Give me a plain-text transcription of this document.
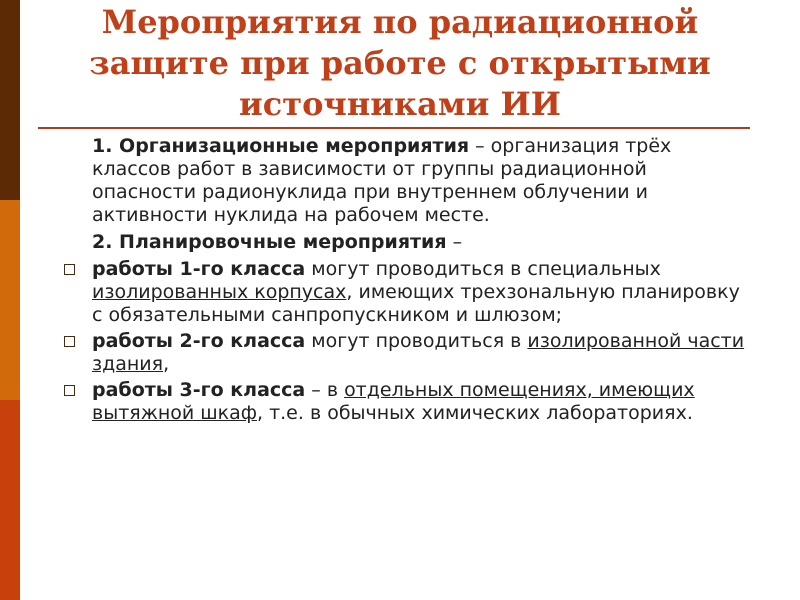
Мероприятия по радиационной
защите при работе с открытыми
источниками ИИ

1. Организационные мероприятия – организация трёх классов работ в зависимости от группы радиационной опасности радионуклида при внутреннем облучении и активности нуклида на рабочем месте.

2. Планировочные мероприятия –

работы 1-го класса могут проводиться в специальных изолированных корпусах, имеющих трехзональную планировку с обязательными санпропускником и шлюзом;

работы 2-го класса могут проводиться в изолированной части здания,

работы 3-го класса – в отдельных помещениях, имеющих вытяжной шкаф, т.е. в обычных химических лабораториях.
